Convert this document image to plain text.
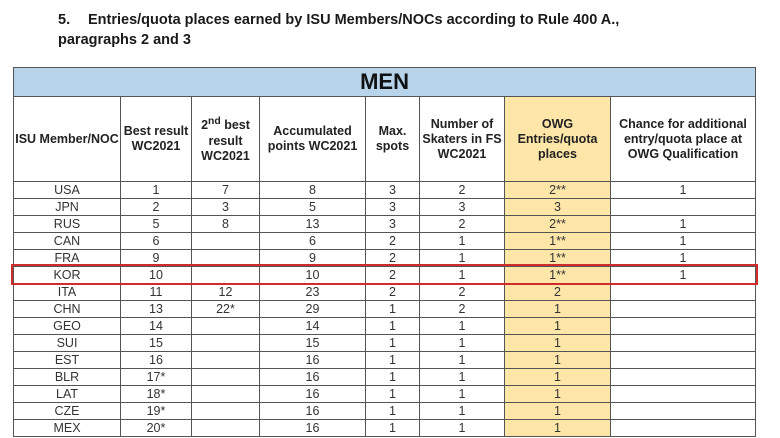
5. Entries/quota places earned by ISU Members/NOCs according to Rule 400 A.,
paragraphs 2 and 3
MEN							
ISU Member/NOC	Best result WC2021	2nd best result WC2021	Accumulated points WC2021	Max. spots	Number of Skaters in FS WC2021	OWG Entries/quota places	Chance for additional entry/quota place at OWG Qualification
USA	1	7	8	3	2	2**	1
JPN	2	3	5	3	3	3	
RUS	5	8	13	3	2	2**	1
CAN	6		6	2	1	1**	1
FRA	9		9	2	1	1**	1
KOR	10		10	2	1	1**	1
ITA	11	12	23	2	2	2	
CHN	13	22*	29	1	2	1	
GEO	14		14	1	1	1	
SUI	15		15	1	1	1	
EST	16		16	1	1	1	
BLR	17*		16	1	1	1	
LAT	18*		16	1	1	1	
CZE	19*		16	1	1	1	
MEX	20*		16	1	1	1	
